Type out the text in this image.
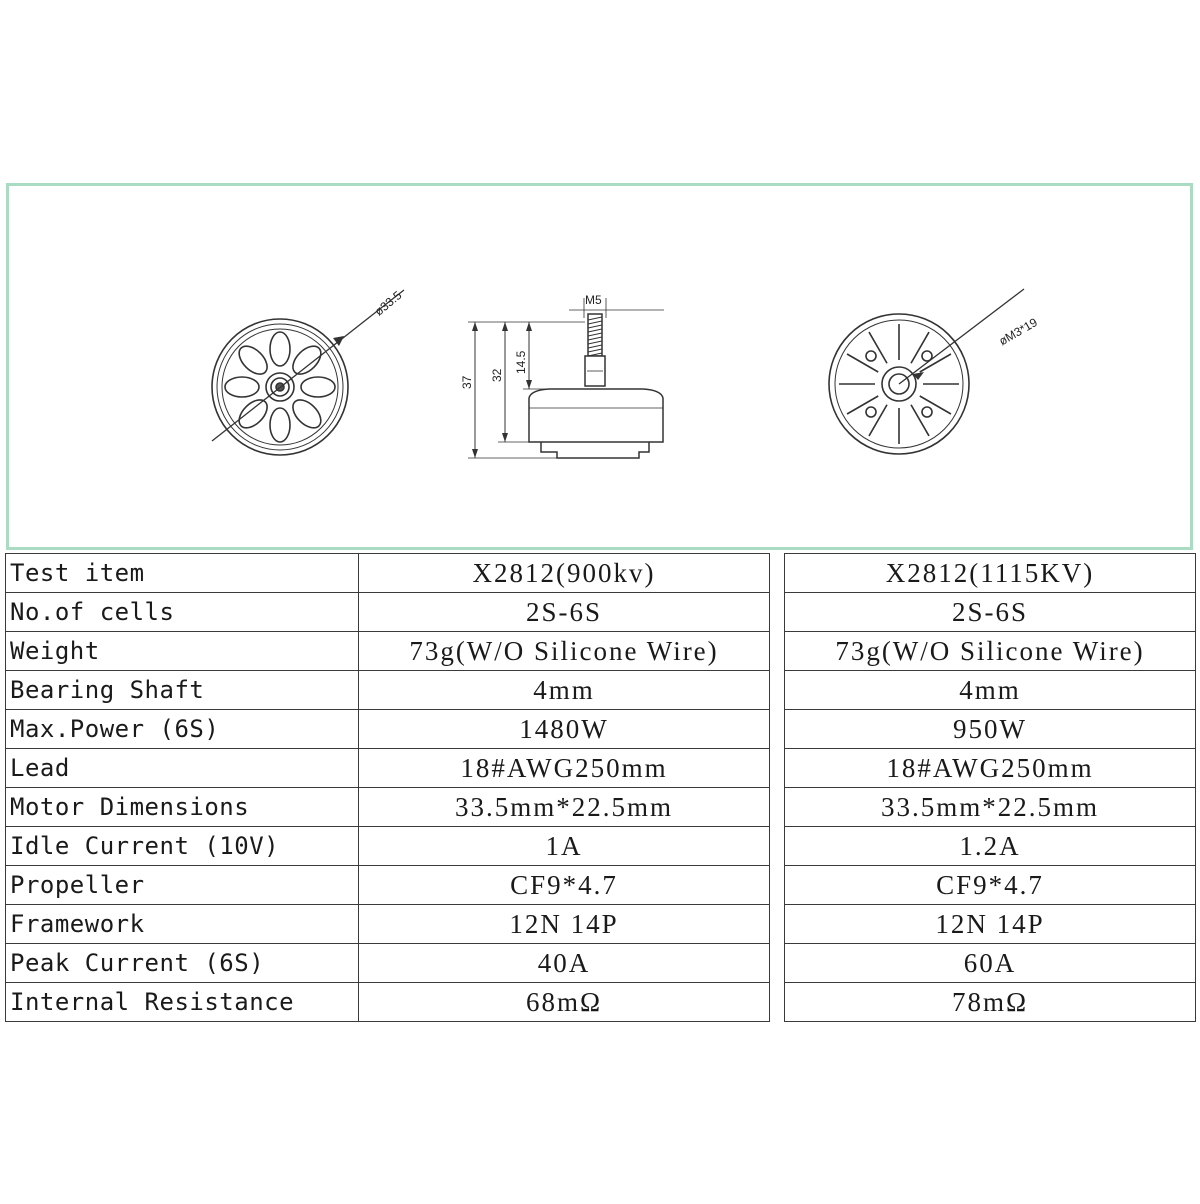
ø33.5	M5
37
32
14.5
øM3*19
Test item	X2812(900kv)		X2812(1115KV)
No.of cells	2S-6S		2S-6S
Weight	73g(W/O Silicone Wire)		73g(W/O Silicone Wire)
Bearing Shaft	4mm		4mm
Max.Power (6S)	1480W		950W
Lead	18#AWG250mm		18#AWG250mm
Motor Dimensions	33.5mm*22.5mm		33.5mm*22.5mm
Idle Current (10V)	1A		1.2A
Propeller	CF9*4.7		CF9*4.7
Framework	12N 14P		12N 14P
Peak Current (6S)	40A		60A
Internal Resistance	68mΩ		78mΩ
